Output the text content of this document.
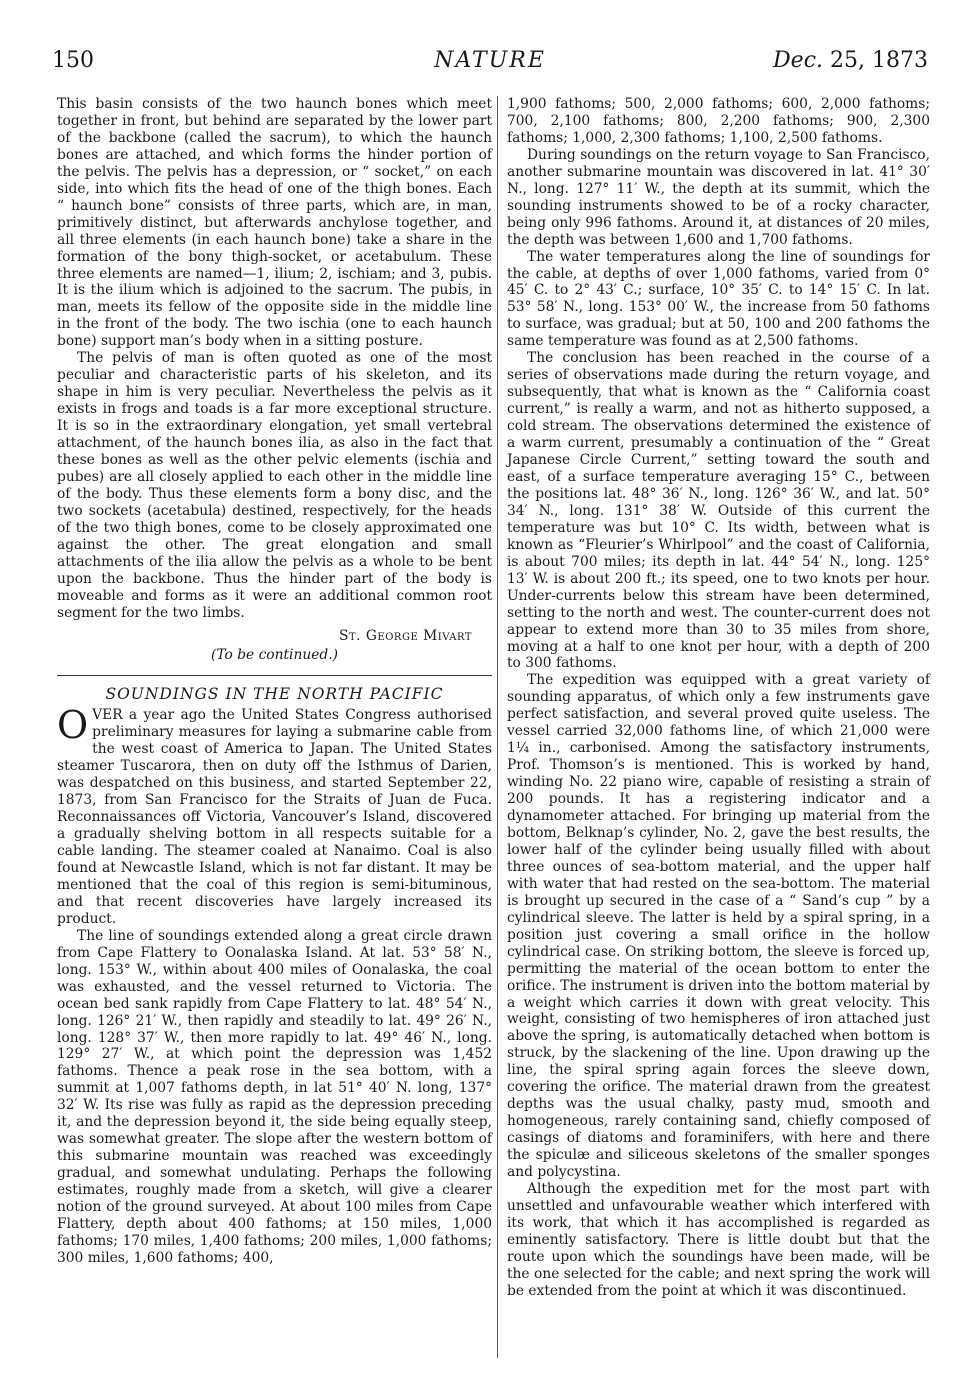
150	NATURE	Dec. 25, 1873

This basin consists of the two haunch bones which meet together in front, but behind are separated by the lower part of the backbone (called the sacrum), to which the haunch bones are attached, and which forms the hinder portion of the pelvis. The pelvis has a depression, or “ socket,” on each side, into which fits the head of one of the thigh bones. Each “ haunch bone” consists of three parts, which are, in man, primitively distinct, but afterwards anchylose together, and all three elements (in each haunch bone) take a share in the formation of the bony thigh-socket, or acetabulum. These three elements are named—1, ilium; 2, ischiam; and 3, pubis. It is the ilium which is adjoined to the sacrum. The pubis, in man, meets its fellow of the opposite side in the middle line in the front of the body. The two ischia (one to each haunch bone) support man’s body when in a sitting posture.

The pelvis of man is often quoted as one of the most peculiar and characteristic parts of his skeleton, and its shape in him is very peculiar. Nevertheless the pelvis as it exists in frogs and toads is a far more exceptional structure. It is so in the extraordinary elongation, yet small vertebral attachment, of the haunch bones ilia, as also in the fact that these bones as well as the other pelvic elements (ischia and pubes) are all closely applied to each other in the middle line of the body. Thus these elements form a bony disc, and the two sockets (acetabula) destined, respectively, for the heads of the two thigh bones, come to be closely approximated one against the other. The great elongation and small attachments of the ilia allow the pelvis as a whole to be bent upon the backbone. Thus the hinder part of the body is moveable and forms as it were an additional common root segment for the two limbs.

St. George Mivart
(To be continued.)
SOUNDINGS IN THE NORTH PACIFIC

OVER a year ago the United States Congress authorised preliminary measures for laying a submarine cable from the west coast of America to Japan. The United States steamer Tuscarora, then on duty off the Isthmus of Darien, was despatched on this business, and started September 22, 1873, from San Francisco for the Straits of Juan de Fuca. Reconnaissances off Victoria, Vancouver’s Island, discovered a gradually shelving bottom in all respects suitable for a cable landing. The steamer coaled at Nanaimo. Coal is also found at Newcastle Island, which is not far distant. It may be mentioned that the coal of this region is semi-bituminous, and that recent discoveries have largely increased its product.

The line of soundings extended along a great circle drawn from Cape Flattery to Oonalaska Island. At lat. 53° 58′ N., long. 153° W., within about 400 miles of Oonalaska, the coal was exhausted, and the vessel returned to Victoria. The ocean bed sank rapidly from Cape Flattery to lat. 48° 54′ N., long. 126° 21′ W., then rapidly and steadily to lat. 49° 26′ N., long. 128° 37′ W., then more rapidly to lat. 49° 46′ N., long. 129° 27′ W., at which point the depression was 1,452 fathoms. Thence a peak rose in the sea bottom, with a summit at 1,007 fathoms depth, in lat 51° 40′ N. long, 137° 32′ W. Its rise was fully as rapid as the depression preceding it, and the depression beyond it, the side being equally steep, was somewhat greater. The slope after the western bottom of this submarine mountain was reached was exceedingly gradual, and somewhat undulating. Perhaps the following estimates, roughly made from a sketch, will give a clearer notion of the ground surveyed. At about 100 miles from Cape Flattery, depth about 400 fathoms; at 150 miles, 1,000 fathoms; 170 miles, 1,400 fathoms; 200 miles, 1,000 fathoms; 300 miles, 1,600 fathoms; 400,

1,900 fathoms; 500, 2,000 fathoms; 600, 2,000 fathoms; 700, 2,100 fathoms; 800, 2,200 fathoms; 900, 2,300 fathoms; 1,000, 2,300 fathoms; 1,100, 2,500 fathoms.

During soundings on the return voyage to San Francisco, another submarine mountain was discovered in lat. 41° 30′ N., long. 127° 11′ W., the depth at its summit, which the sounding instruments showed to be of a rocky character, being only 996 fathoms. Around it, at distances of 20 miles, the depth was between 1,600 and 1,700 fathoms.

The water temperatures along the line of soundings for the cable, at depths of over 1,000 fathoms, varied from 0° 45′ C. to 2° 43′ C.; surface, 10° 35′ C. to 14° 15′ C. In lat. 53° 58′ N., long. 153° 00′ W., the increase from 50 fathoms to surface, was gradual; but at 50, 100 and 200 fathoms the same temperature was found as at 2,500 fathoms.

The conclusion has been reached in the course of a series of observations made during the return voyage, and subsequently, that what is known as the “ California coast current,” is really a warm, and not as hitherto supposed, a cold stream. The observations determined the existence of a warm current, presumably a continuation of the “ Great Japanese Circle Current,” setting toward the south and east, of a surface temperature averaging 15° C., between the positions lat. 48° 36′ N., long. 126° 36′ W., and lat. 50° 34′ N., long. 131° 38′ W. Outside of this current the temperature was but 10° C. Its width, between what is known as “Fleurier’s Whirlpool” and the coast of California, is about 700 miles; its depth in lat. 44° 54′ N., long. 125° 13′ W. is about 200 ft.; its speed, one to two knots per hour. Under-currents below this stream have been determined, setting to the north and west. The counter-current does not appear to extend more than 30 to 35 miles from shore, moving at a half to one knot per hour, with a depth of 200 to 300 fathoms.

The expedition was equipped with a great variety of sounding apparatus, of which only a few instruments gave perfect satisfaction, and several proved quite useless. The vessel carried 32,000 fathoms line, of which 21,000 were 1¼ in., carbonised. Among the satisfactory instruments, Prof. Thomson’s is mentioned. This is worked by hand, winding No. 22 piano wire, capable of resisting a strain of 200 pounds. It has a registering indicator and a dynamometer attached. For bringing up material from the bottom, Belknap’s cylinder, No. 2, gave the best results, the lower half of the cylinder being usually filled with about three ounces of sea-bottom material, and the upper half with water that had rested on the sea-bottom. The material is brought up secured in the case of a “ Sand’s cup ” by a cylindrical sleeve. The latter is held by a spiral spring, in a position just covering a small orifice in the hollow cylindrical case. On striking bottom, the sleeve is forced up, permitting the material of the ocean bottom to enter the orifice. The instrument is driven into the bottom material by a weight which carries it down with great velocity. This weight, consisting of two hemispheres of iron attached just above the spring, is automatically detached when bottom is struck, by the slackening of the line. Upon drawing up the line, the spiral spring again forces the sleeve down, covering the orifice. The material drawn from the greatest depths was the usual chalky, pasty mud, smooth and homogeneous, rarely containing sand, chiefly composed of casings of diatoms and foraminifers, with here and there the spiculæ and siliceous skeletons of the smaller sponges and polycystina.

Although the expedition met for the most part with unsettled and unfavourable weather which interfered with its work, that which it has accomplished is regarded as eminently satisfactory. There is little doubt but that the route upon which the soundings have been made, will be the one selected for the cable; and next spring the work will be extended from the point at which it was discontinued.
